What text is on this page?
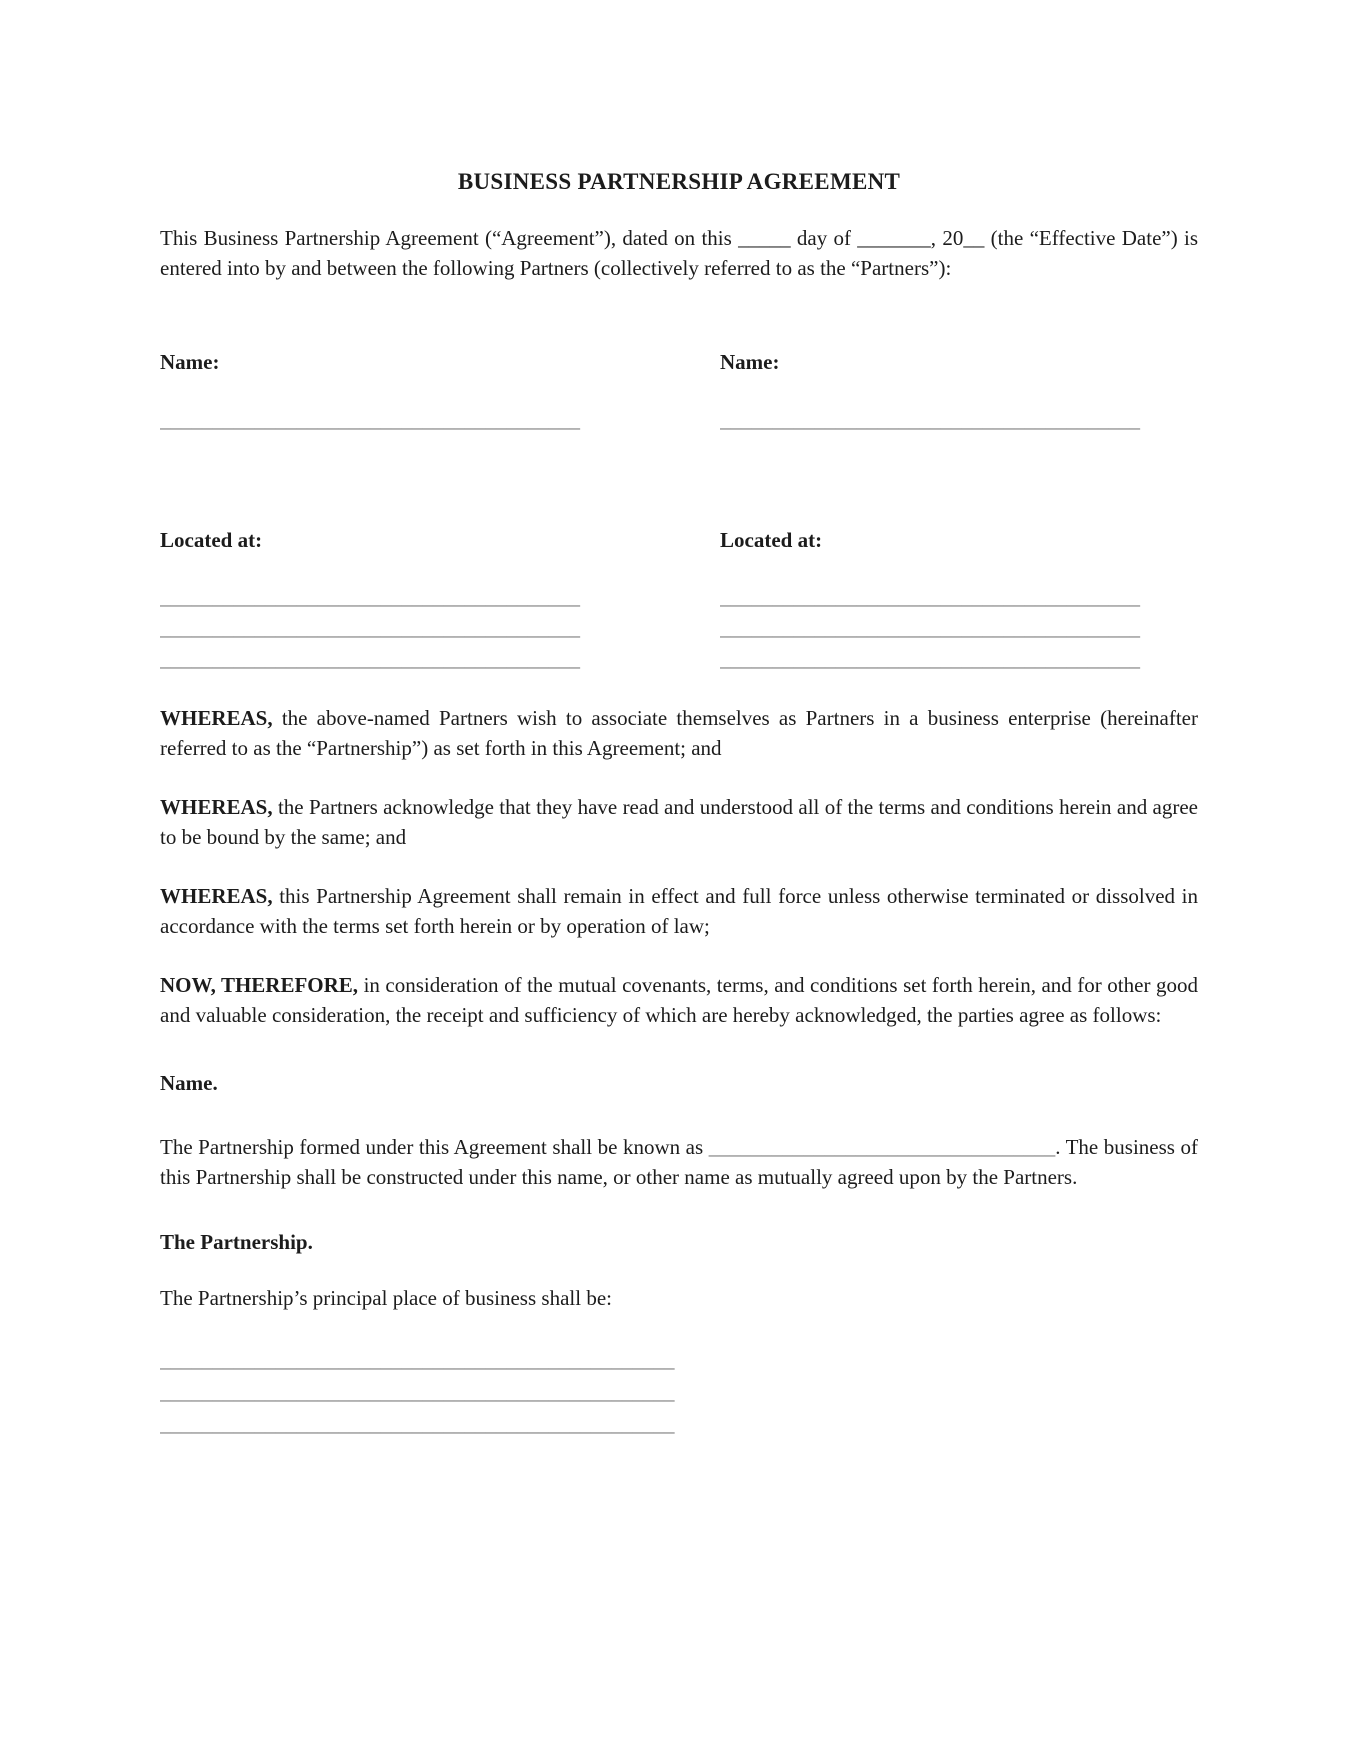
BUSINESS PARTNERSHIP AGREEMENT

This Business Partnership Agreement (“Agreement”), dated on this _____ day of _______, 20__ (the “Effective Date”) is entered into by and between the following Partners (collectively referred to as the “Partners”):

Name:
________________________________________
Located at:
________________________________________
________________________________________
________________________________________
Name:
________________________________________
Located at:
________________________________________
________________________________________
________________________________________

WHEREAS, the above-named Partners wish to associate themselves as Partners in a business enterprise (hereinafter referred to as the “Partnership”) as set forth in this Agreement; and

WHEREAS, the Partners acknowledge that they have read and understood all of the terms and conditions herein and agree to be bound by the same; and

WHEREAS, this Partnership Agreement shall remain in effect and full force unless otherwise terminated or dissolved in accordance with the terms set forth herein or by operation of law;

NOW, THEREFORE, in consideration of the mutual covenants, terms, and conditions set forth herein, and for other good and valuable consideration, the receipt and sufficiency of which are hereby acknowledged, the parties agree as follows:

Name.

The Partnership formed under this Agreement shall be known as _________________________________. The business of this Partnership shall be constructed under this name, or other name as mutually agreed upon by the Partners.

The Partnership.

The Partnership’s principal place of business shall be:

_________________________________________________
_________________________________________________
_________________________________________________
